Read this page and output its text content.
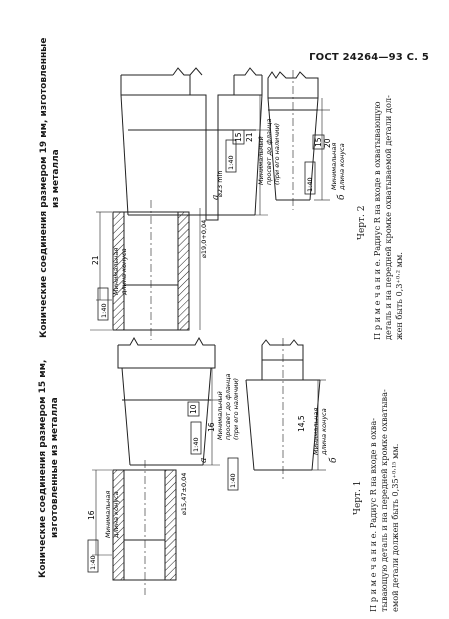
ГОСТ 24264—93 С. 5
Конические соединения размером 15 мм, изготовленные из металла	а	б
Черт. 1 П р и м е ч а н и е. Радиус R на входе в охва- тывающую деталь и на передней кромке охватыва- емой детали должен быть 0,35⁺⁰·¹⁵ мм.
Конические соединения размером 19 мм, изготовленные из металла	а	б
Черт. 2 П р и м е ч а н и е. Радиус R на входе в охватывающую деталь и на передней кромке охватываемой детали дол- жен быть 0,3⁺⁰·² мм.
21
1:40
Минимальная длина конуса
⌀19,0+0,04
1:40
21
15 Минимальный просвет до фланца (при его наличии)
⌀23 min
15
1:40
20
Минимальная длина конуса
1:40
16 Минимальная длина конуса	⌀15,47±0,04
10
1:40
16 Минимальный просвет до фланца (при его наличии)
1:40
14,5 Минимальная длина конуса
